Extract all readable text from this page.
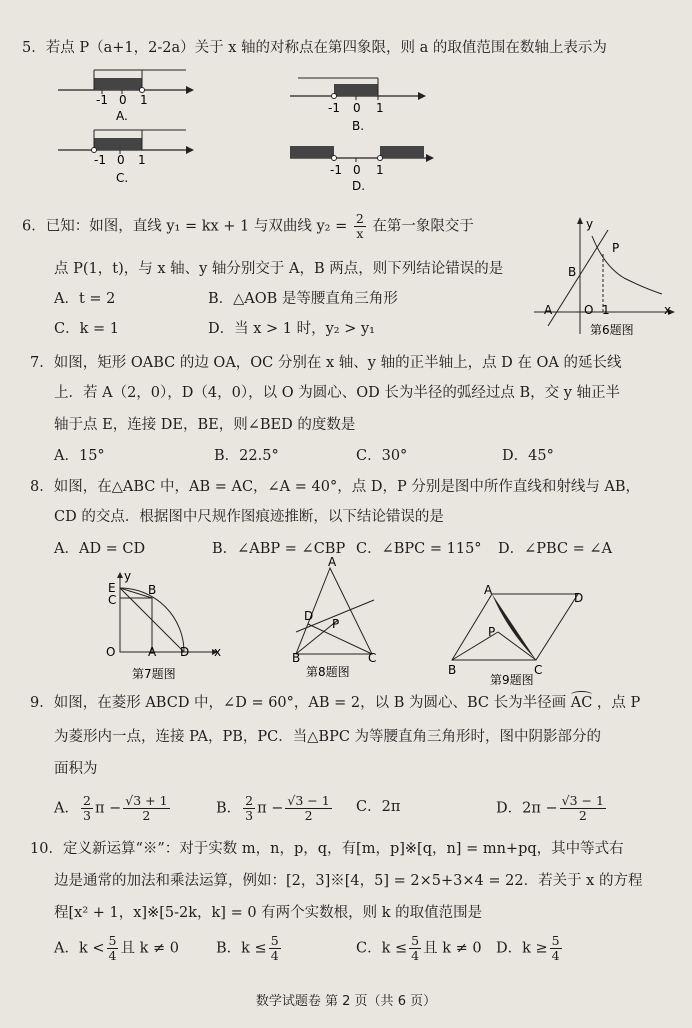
5．若点 P（a+1，2-2a）关于 x 轴的对称点在第四象限，则 a 的取值范围在数轴上表示为
-1 0 1
A.
-1 0 1
B.
-1 0 1
C.
-1 0 1
D.
6．已知：如图，直线 y₁ = kx + 1 与双曲线 $y_2 = \frac{2}{x}$ 在第一象限交于
点 P(1，t)，与 x 轴、y 轴分别交于 A，B 两点，则下列结论错误的是
A．t = 2	B．△AOB 是等腰直角三角形
C．k = 1	D．当 x > 1 时，y₂ > y₁
y
P
B
A	O 1	x
第6题图
7．如图，矩形 OABC 的边 OA，OC 分别在 x 轴、y 轴的正半轴上，点 D 在 OA 的延长线
上．若 A（2，0），D（4，0），以 O 为圆心、OD 长为半径的弧经过点 B，交 y 轴正半
轴于点 E，连接 DE，BE，则∠BED 的度数是
A．15°	B．22.5°	C．30°	D．45°
8．如图，在△ABC 中，AB = AC，∠A = 40°，点 D，P 分别是图中所作直线和射线与 AB，
CD 的交点．根据图中尺规作图痕迹推断，以下结论错误的是
A．AD = CD	B．∠ABP = ∠CBP C．∠BPC = 115° D．∠PBC = ∠A
E
y
B
C
O	A D x
第7题图
A
D
P
B	C
第8题图
A
D
P
B	C
第9题图
9．如图，在菱形 ABCD 中，∠D = 60°，AB = 2，以 B 为圆心、BC 长为半径画 AC ，点 P
为菱形内一点，连接 PA，PB，PC．当△BPC 为等腰直角三角形时，图中阴影部分的
面积为
A． $\frac{2}{3}$ $\pi - \frac{√3 + 1}{2}$	B． $\frac{2}{3}$ $\pi - \frac{√3 - 1}{2}$ C．2π	D．$2\pi - \frac{√3 - 1}{2}$
10．定义新运算“※”：对于实数 m，n，p，q，有[m，p]※[q，n] = mn+pq，其中等式右
边是通常的加法和乘法运算，例如：[2，3]※[4，5] = 2×5+3×4 = 22．若关于 x 的方程
程[x² + 1，x]※[5-2k，k] = 0 有两个实数根，则 k 的取值范围是
A．$k < \frac{5}{4}$ 且 k ≠ 0	B．$k \le \frac{5}{4}$	C．$k \le \frac{5}{4}$ 且 k ≠ 0 D．$k \ge \frac{5}{4}$
数学试题卷 第 2 页（共 6 页）
